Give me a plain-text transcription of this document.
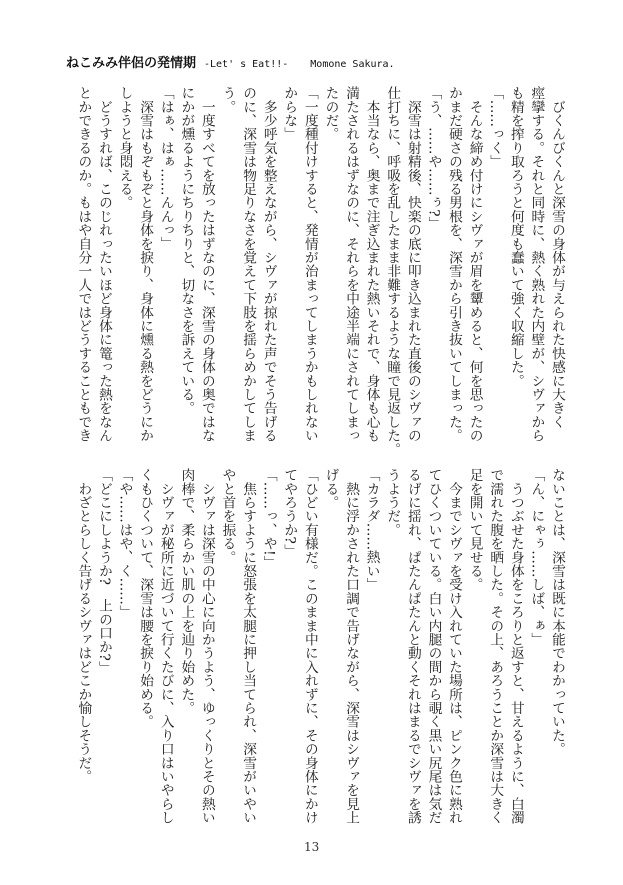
ねこみみ伴侶の発情期 -Let' s Eat!!- Momone Sakura.
　びくんびくんと深雪の身体が与えられた快感に大きく
痙攣する。それと同時に、熱く熟れた内壁が、シヴァから
も精を搾り取ろうと何度も蠢いて強く収縮した。
「……っく」
　そんな締め付けにシヴァが眉を顰めると、何を思ったの
かまだ硬さの残る男根を、深雪から引き抜いてしまった。
「う、……や……ぅ?」
　深雪は射精後、快楽の底に叩き込まれた直後のシヴァの
仕打ちに、呼吸を乱したまま非難するような瞳で見返した。
　本当なら、奥まで注ぎ込まれた熱いそれで、身体も心も
満たされるはずなのに、それらを中途半端にされてしまっ
たのだ。
「一度種付けすると、発情が治まってしまうかもしれない
からな」
　多少呼気を整えながら、シヴァが掠れた声でそう告げる
のに、深雪は物足りなさを覚えて下肢を揺らめかしてしま
う。
　一度すべてを放ったはずなのに、深雪の身体の奥ではな
にかが燻るようにちりちりと、切なさを訴えている。
「はぁ、はぁ……んんっ」
　深雪はもぞもぞと身体を捩り、身体に燻る熱をどうにか
しようと身悶える。
　どうすれば、このじれったいほど身体に篭った熱をなん
とかできるのか。もはや自分一人ではどうすることもでき
ないことは、深雪は既に本能でわかっていた。
「ん、にゃぅ……しば、ぁ」
　うつぶせた身体をころりと返すと、甘えるように、白濁
で濡れた腹を晒した。その上、あろうことか深雪は大きく
足を開いて見せる。
　今までシヴァを受け入れていた場所は、ピンク色に熟れ
てひくついている。白い内腿の間から覗く黒い尻尾は気だ
るげに揺れ、ぱたんぱたんと動くそれはまるでシヴァを誘
うようだ。
「カラダ……熱い」
　熱に浮かされた口調で告げながら、深雪はシヴァを見上
げる。
「ひどい有様だ。このまま中に入れずに、その身体にかけ
てやろうか?」
「……っ、や!」
　焦らすように怒張を太腿に押し当てられ、深雪がいやい
やと首を振る。
　シヴァは深雪の中心に向かうよう、ゆっくりとその熱い
肉棒で、柔らかい肌の上を辿り始めた。
　シヴァが秘所に近づいて行くたびに、入り口はいやらし
くもひくついて、深雪は腰を捩り始める。
「や……はや、く……」
「どこにしようか?　上の口か?」
　わざとらしく告げるシヴァはどこか愉しそうだ。
13
